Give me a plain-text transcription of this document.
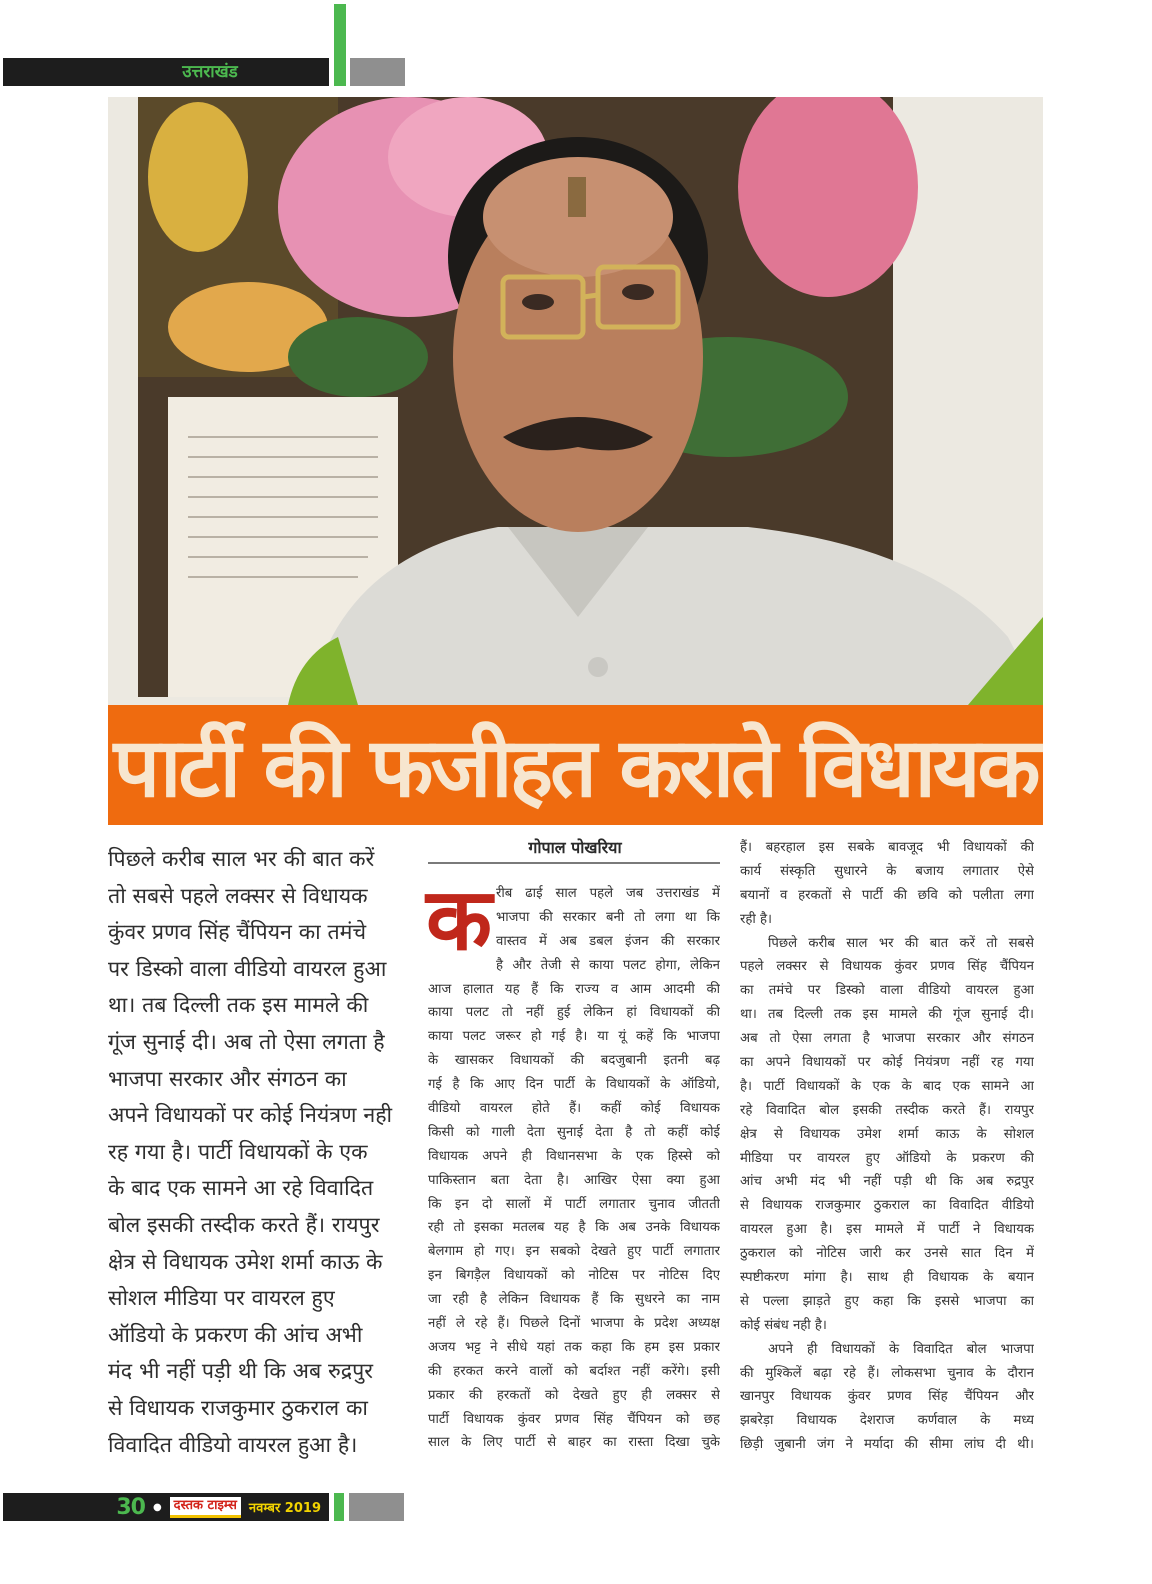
उत्तराखंड
पार्टी की फजीहत कराते विधायक
पिछले करीब साल भर की बात करें
तो सबसे पहले लक्सर से विधायक
कुंवर प्रणव सिंह चैंपियन का तमंचे
पर डिस्को वाला वीडियो वायरल हुआ
था। तब दिल्ली तक इस मामले की
गूंज सुनाई दी। अब तो ऐसा लगता है
भाजपा सरकार और संगठन का
अपने विधायकों पर कोई नियंत्रण नही
रह गया है। पार्टी विधायकों के एक
के बाद एक सामने आ रहे विवादित
बोल इसकी तस्दीक करते हैं। रायपुर
क्षेत्र से विधायक उमेश शर्मा काऊ के
सोशल मीडिया पर वायरल हुए
ऑडियो के प्रकरण की आंच अभी
मंद भी नहीं पड़ी थी कि अब रुद्रपुर
से विधायक राजकुमार ठुकराल का
विवादित वीडियो वायरल हुआ है।
गोपाल पोखरिया
क रीब ढाई साल पहले जब उत्तराखंड में
भाजपा की सरकार बनी तो लगा था कि
वास्तव में अब डबल इंजन की सरकार
है और तेजी से काया पलट होगा, लेकिन
आज हालात यह हैं कि राज्य व आम आदमी की
काया पलट तो नहीं हुई लेकिन हां विधायकों की
काया पलट जरूर हो गई है। या यूं कहें कि भाजपा
के खासकर विधायकों की बदजुबानी इतनी बढ़
गई है कि आए दिन पार्टी के विधायकों के ऑडियो,
वीडियो वायरल होते हैं। कहीं कोई विधायक
किसी को गाली देता सुनाई देता है तो कहीं कोई
विधायक अपने ही विधानसभा के एक हिस्से को
पाकिस्तान बता देता है। आखिर ऐसा क्या हुआ
कि इन दो सालों में पार्टी लगातार चुनाव जीतती
रही तो इसका मतलब यह है कि अब उनके विधायक
बेलगाम हो गए। इन सबको देखते हुए पार्टी लगातार
इन बिगड़ैल विधायकों को नोटिस पर नोटिस दिए
जा रही है लेकिन विधायक हैं कि सुधरने का नाम
नहीं ले रहे हैं। पिछले दिनों भाजपा के प्रदेश अध्यक्ष
अजय भट्ट ने सीधे यहां तक कहा कि हम इस प्रकार
की हरकत करने वालों को बर्दाश्त नहीं करेंगे। इसी
प्रकार की हरकतों को देखते हुए ही लक्सर से
पार्टी विधायक कुंवर प्रणव सिंह चैंपियन को छह
साल के लिए पार्टी से बाहर का रास्ता दिखा चुके
हैं। बहरहाल इस सबके बावजूद भी विधायकों की
कार्य संस्कृति सुधारने के बजाय लगातार ऐसे
बयानों व हरकतों से पार्टी की छवि को पलीता लगा
रही है।
पिछले करीब साल भर की बात करें तो सबसे
पहले लक्सर से विधायक कुंवर प्रणव सिंह चैंपियन
का तमंचे पर डिस्को वाला वीडियो वायरल हुआ
था। तब दिल्ली तक इस मामले की गूंज सुनाई दी।
अब तो ऐसा लगता है भाजपा सरकार और संगठन
का अपने विधायकों पर कोई नियंत्रण नहीं रह गया
है। पार्टी विधायकों के एक के बाद एक सामने आ
रहे विवादित बोल इसकी तस्दीक करते हैं। रायपुर
क्षेत्र से विधायक उमेश शर्मा काऊ के सोशल
मीडिया पर वायरल हुए ऑडियो के प्रकरण की
आंच अभी मंद भी नहीं पड़ी थी कि अब रुद्रपुर
से विधायक राजकुमार ठुकराल का विवादित वीडियो
वायरल हुआ है। इस मामले में पार्टी ने विधायक
ठुकराल को नोटिस जारी कर उनसे सात दिन में
स्पष्टीकरण मांगा है। साथ ही विधायक के बयान
से पल्ला झाड़ते हुए कहा कि इससे भाजपा का
कोई संबंध नही है।
अपने ही विधायकों के विवादित बोल भाजपा
की मुश्किलें बढ़ा रहे हैं। लोकसभा चुनाव के दौरान
खानपुर विधायक कुंवर प्रणव सिंह चैंपियन और
झबरेड़ा विधायक देशराज कर्णवाल के मध्य
छिड़ी जुबानी जंग ने मर्यादा की सीमा लांघ दी थी।
30 ● दस्तक टाइम्स नवम्बर 2019
